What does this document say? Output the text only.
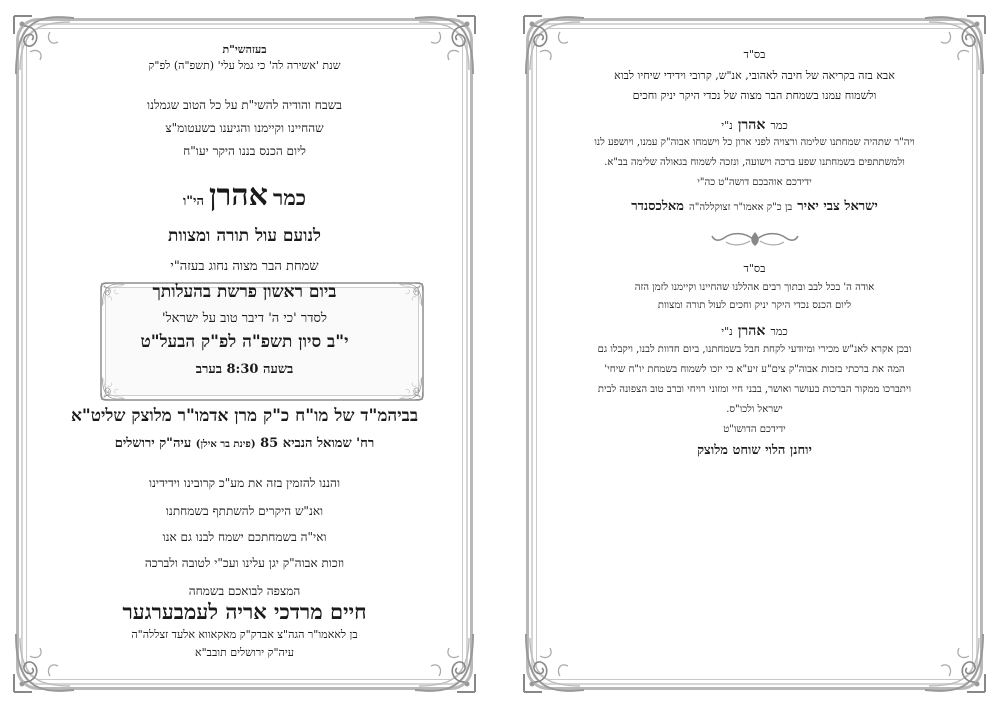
בעזהשי"ת
שנת 'אשירה לה' כי גמל עלי' (תשפ"ה) לפ"ק
בשבח והודיה להשי"ת על כל הטוב שגמלנו
שהחיינו וקיימנו והגיענו בשעטומ"צ
ליום הכנס בננו היקר יעו"ח
כמר אהרן הי"ו
לנועם עול תורה ומצוות
שמחת הבר מצוה נחוג בעזה"י
ביום ראשון פרשת בהעלותך
לסדר 'כי ה' דיבר טוב על ישראל'
י"ב סיון תשפ"ה לפ"ק הבעל"ט
בשעה 8:30 בערב
בביהמ"ד של מו"ח כ"ק מרן אדמו"ר מלוצק שליט"א
רח' שמואל הנביא 85 (פינת בר אילן) עיה"ק ירושלים
והננו להזמין בזה את מע"כ קרובינו וידידינו
ואנ"ש היקרים להשתתף בשמחתנו
ואי"ה בשמחתכם ישמח לבנו גם אנו
וזכות אבוה"ק יגן עלינו ועכ"י לטובה ולברכה
המצפה לבואכם בשמחה
חיים מרדכי אריה לעמבערגער
בן לאאמו"ר הגה"צ אבדק"ק מאקאווא אלעד זצללה"ה
עיה"ק ירושלים תובב"א
בס"ד
אבא בזה בקריאה של חיבה לאהובי, אנ"ש, קרובי וידידי שיחיו לבוא
ולשמוח עמנו בשמחת הבר מצוה של נכדי היקר יניק וחכים
כמר אהרן נ"י
ויה"ר שתהיה שמחתנו שלימה ורצויה לפני ארון כל וישמחו אבוה"ק עמנו, ויושפע לנו
ולמשתתפים בשמחתנו שפע ברכה וישועה, ונזכה לשמוח בגאולה שלימה בב"א.
ידידכם אוהבכם דושה"ט כה"י
ישראל צבי יאיר בן כ"ק אאמו"ר זצוקללה"ה מאלכסנדר
בס"ד
אודה ה' בכל לבב ובתוך רבים אהללנו שהחיינו וקיימנו לזמן הזה
ליום הכנס נכדי היקר יניק וחכים לעול תורה ומצוות
כמר אהרן נ"י
ובכן אקרא לאנ"ש מכירי ומיודעי לקחת חבל בשמחתנו, ביום חדוות לבנו, ויקבלו גם
המה את ברכתי בזכות אבוה"ק צים"ע זיע"א כי יזכו לשמוח בשמחת יו"ח שיחי'
ויתברכו ממקור הברכות בעושר ואושר, בבני חיי ומזוני רויחי וברב טוב הצפונה לבית
ישראל ולכו"ס.
ידידכם הדושו"ט
יוחנן הלוי שוחט מלוצק
